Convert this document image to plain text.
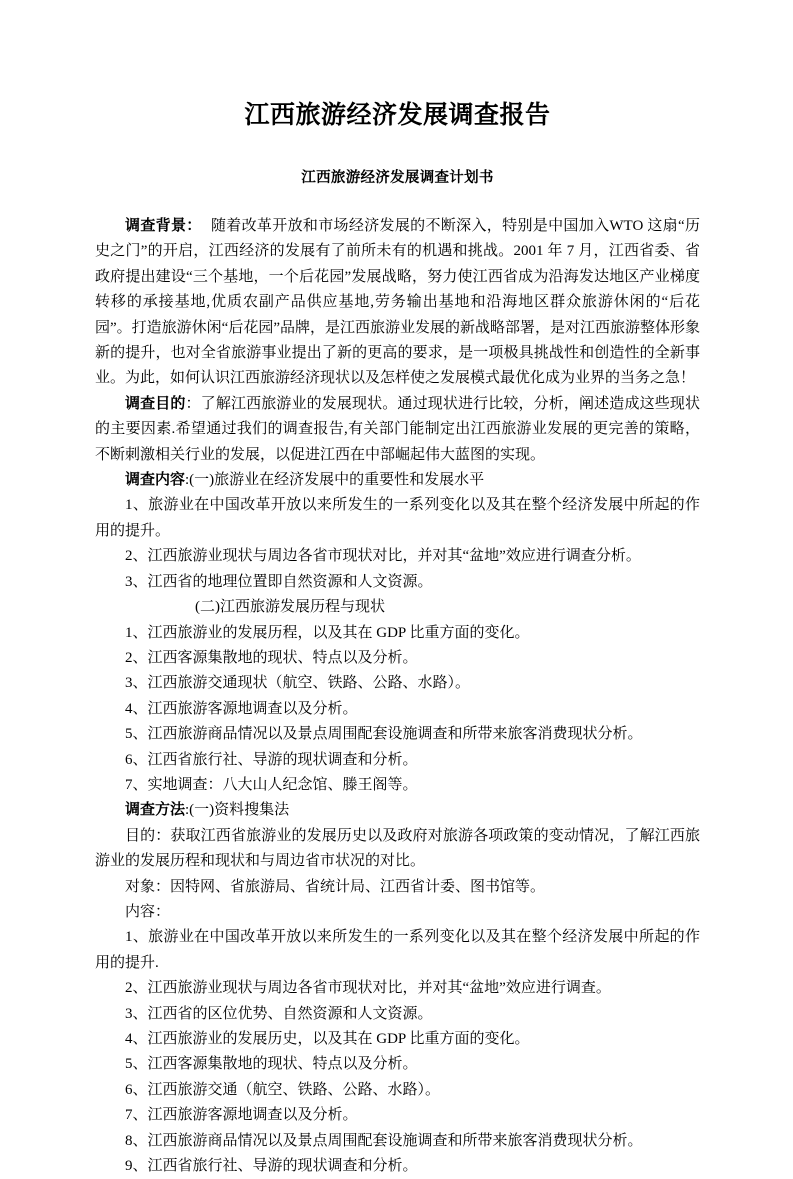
江西旅游经济发展调查报告
江西旅游经济发展调查计划书

调查背景： 随着改革开放和市场经济发展的不断深入，特别是中国加入WTO 这扇“历史之门”的开启，江西经济的发展有了前所未有的机遇和挑战。2001 年 7 月，江西省委、省政府提出建设“三个基地，一个后花园”发展战略，努力使江西省成为沿海发达地区产业梯度转移的承接基地,优质农副产品供应基地,劳务输出基地和沿海地区群众旅游休闲的“后花园”。打造旅游休闲“后花园”品牌，是江西旅游业发展的新战略部署，是对江西旅游整体形象新的提升，也对全省旅游事业提出了新的更高的要求，是一项极具挑战性和创造性的全新事业。为此，如何认识江西旅游经济现状以及怎样使之发展模式最优化成为业界的当务之急！

调查目的：了解江西旅游业的发展现状。通过现状进行比较，分析，阐述造成这些现状的主要因素.希望通过我们的调查报告,有关部门能制定出江西旅游业发展的更完善的策略，不断刺激相关行业的发展，以促进江西在中部崛起伟大蓝图的实现。

调查内容:(一)旅游业在经济发展中的重要性和发展水平

1、旅游业在中国改革开放以来所发生的一系列变化以及其在整个经济发展中所起的作用的提升。

2、江西旅游业现状与周边各省市现状对比，并对其“盆地”效应进行调查分析。

3、江西省的地理位置即自然资源和人文资源。

(二)江西旅游发展历程与现状

1、江西旅游业的发展历程，以及其在 GDP 比重方面的变化。

2、江西客源集散地的现状、特点以及分析。

3、江西旅游交通现状（航空、铁路、公路、水路）。

4、江西旅游客源地调查以及分析。

5、江西旅游商品情况以及景点周围配套设施调查和所带来旅客消费现状分析。

6、江西省旅行社、导游的现状调查和分析。

7、实地调查：八大山人纪念馆、滕王阁等。

调查方法:(一)资料搜集法

目的：获取江西省旅游业的发展历史以及政府对旅游各项政策的变动情况，了解江西旅游业的发展历程和现状和与周边省市状况的对比。

对象：因特网、省旅游局、省统计局、江西省计委、图书馆等。

内容：

1、旅游业在中国改革开放以来所发生的一系列变化以及其在整个经济发展中所起的作用的提升.

2、江西旅游业现状与周边各省市现状对比，并对其“盆地”效应进行调查。

3、江西省的区位优势、自然资源和人文资源。

4、江西旅游业的发展历史，以及其在 GDP 比重方面的变化。

5、江西客源集散地的现状、特点以及分析。

6、江西旅游交通（航空、铁路、公路、水路）。

7、江西旅游客源地调查以及分析。

8、江西旅游商品情况以及景点周围配套设施调查和所带来旅客消费现状分析。

9、江西省旅行社、导游的现状调查和分析。
